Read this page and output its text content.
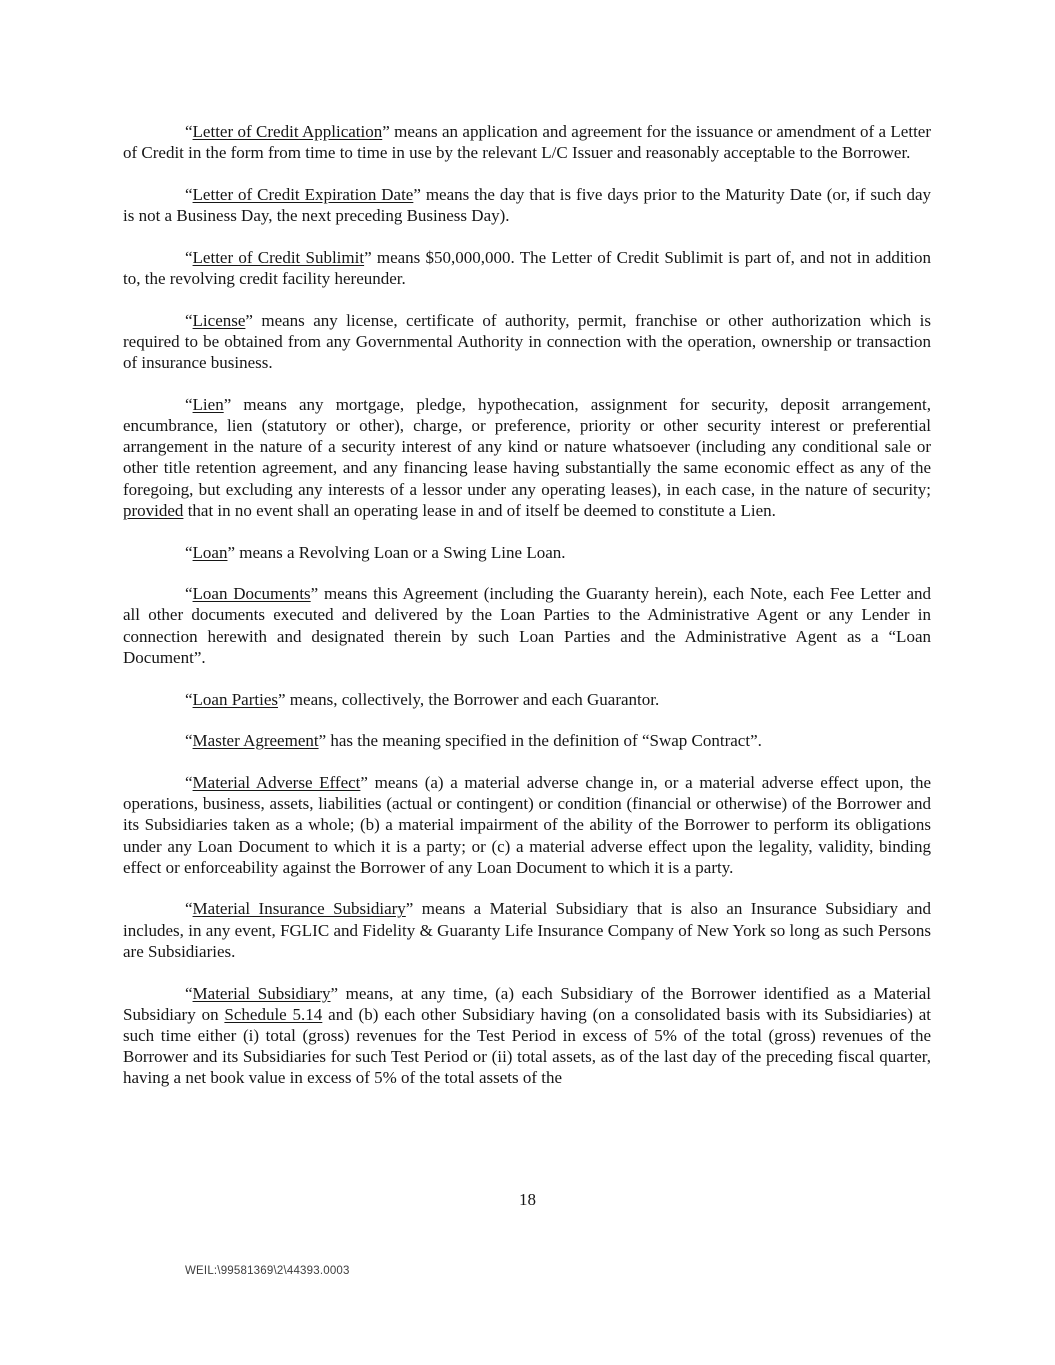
“Letter of Credit Application” means an application and agreement for the issuance or amendment of a Letter of Credit in the form from time to time in use by the relevant L/C Issuer and reasonably acceptable to the Borrower.

“Letter of Credit Expiration Date” means the day that is five days prior to the Maturity Date (or, if such day is not a Business Day, the next preceding Business Day).

“Letter of Credit Sublimit” means $50,000,000. The Letter of Credit Sublimit is part of, and not in addition to, the revolving credit facility hereunder.

“License” means any license, certificate of authority, permit, franchise or other authorization which is required to be obtained from any Governmental Authority in connection with the operation, ownership or transaction of insurance business.

“Lien” means any mortgage, pledge, hypothecation, assignment for security, deposit arrangement, encumbrance, lien (statutory or other), charge, or preference, priority or other security interest or preferential arrangement in the nature of a security interest of any kind or nature whatsoever (including any conditional sale or other title retention agreement, and any financing lease having substantially the same economic effect as any of the foregoing, but excluding any interests of a lessor under any operating leases), in each case, in the nature of security; provided that in no event shall an operating lease in and of itself be deemed to constitute a Lien.

“Loan” means a Revolving Loan or a Swing Line Loan.

“Loan Documents” means this Agreement (including the Guaranty herein), each Note, each Fee Letter and all other documents executed and delivered by the Loan Parties to the Administrative Agent or any Lender in connection herewith and designated therein by such Loan Parties and the Administrative Agent as a “Loan Document”.

“Loan Parties” means, collectively, the Borrower and each Guarantor.

“Master Agreement” has the meaning specified in the definition of “Swap Contract”.

“Material Adverse Effect” means (a) a material adverse change in, or a material adverse effect upon, the operations, business, assets, liabilities (actual or contingent) or condition (financial or otherwise) of the Borrower and its Subsidiaries taken as a whole; (b) a material impairment of the ability of the Borrower to perform its obligations under any Loan Document to which it is a party; or (c) a material adverse effect upon the legality, validity, binding effect or enforceability against the Borrower of any Loan Document to which it is a party.

“Material Insurance Subsidiary” means a Material Subsidiary that is also an Insurance Subsidiary and includes, in any event, FGLIC and Fidelity & Guaranty Life Insurance Company of New York so long as such Persons are Subsidiaries.

“Material Subsidiary” means, at any time, (a) each Subsidiary of the Borrower identified as a Material Subsidiary on Schedule 5.14 and (b) each other Subsidiary having (on a consolidated basis with its Subsidiaries) at such time either (i) total (gross) revenues for the Test Period in excess of 5% of the total (gross) revenues of the Borrower and its Subsidiaries for such Test Period or (ii) total assets, as of the last day of the preceding fiscal quarter, having a net book value in excess of 5% of the total assets of the

18
WEIL:\99581369\2\44393.0003
